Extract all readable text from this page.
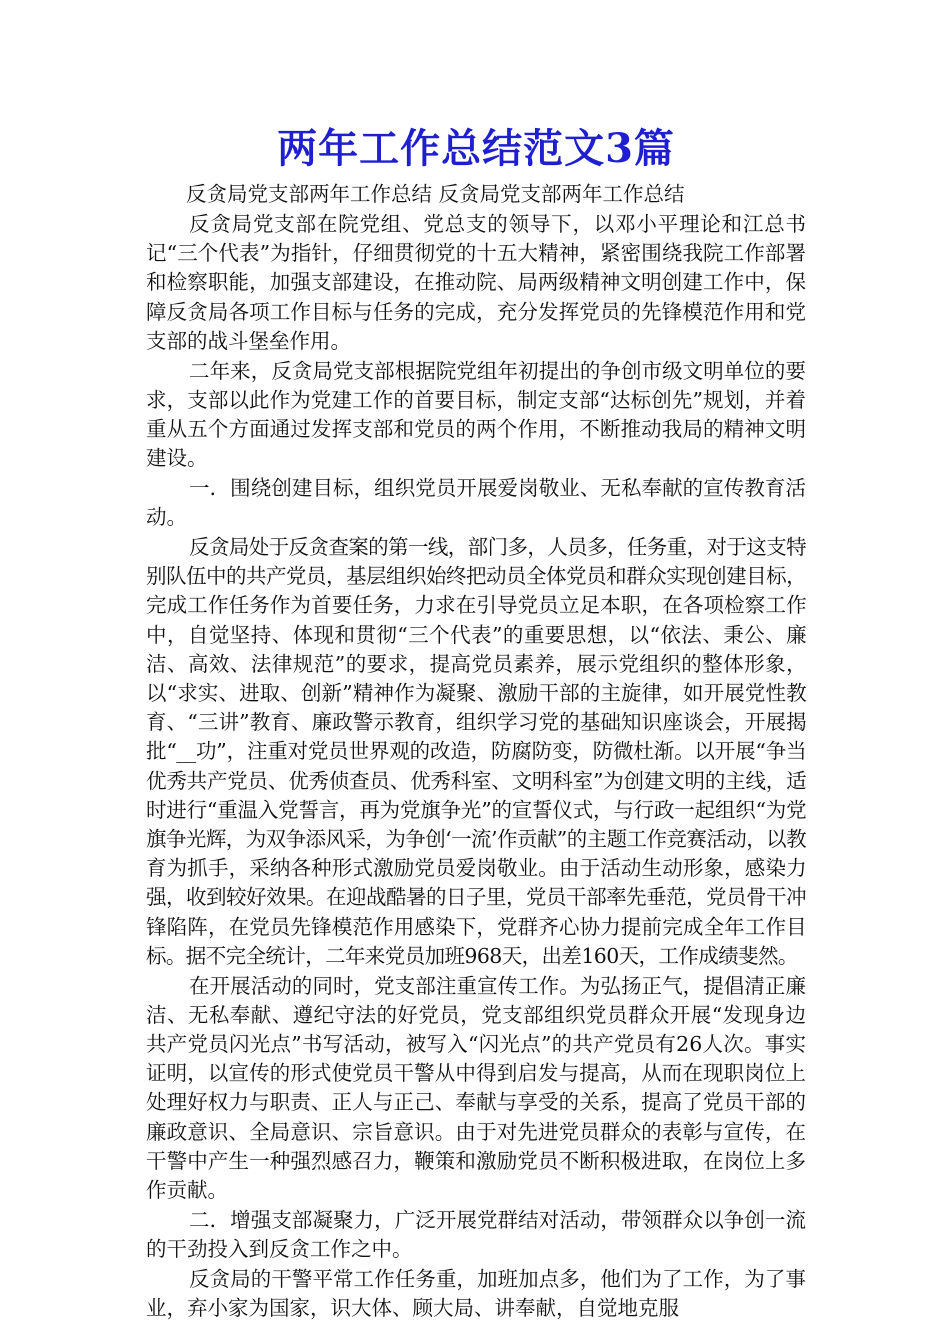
两年工作总结范文3篇
反贪局党支部两年工作总结 反贪局党支部两年工作总结

反贪局党支部在院党组、党总支的领导下，以邓小平理论和江总书记“三个代表”为指针，仔细贯彻党的十五大精神，紧密围绕我院工作部署和检察职能，加强支部建设，在推动院、局两级精神文明创建工作中，保障反贪局各项工作目标与任务的完成，充分发挥党员的先锋模范作用和党支部的战斗堡垒作用。

二年来，反贪局党支部根据院党组年初提出的争创市级文明单位的要求，支部以此作为党建工作的首要目标，制定支部“达标创先”规划，并着重从五个方面通过发挥支部和党员的两个作用，不断推动我局的精神文明建设。

一．围绕创建目标，组织党员开展爱岗敬业、无私奉献的宣传教育活动。

反贪局处于反贪查案的第一线，部门多，人员多，任务重，对于这支特别队伍中的共产党员，基层组织始终把动员全体党员和群众实现创建目标，完成工作任务作为首要任务，力求在引导党员立足本职，在各项检察工作中，自觉坚持、体现和贯彻“三个代表”的重要思想，以“依法、秉公、廉洁、高效、法律规范”的要求，提高党员素养，展示党组织的整体形象，以“求实、进取、创新”精神作为凝聚、激励干部的主旋律，如开展党性教育、“三讲”教育、廉政警示教育，组织学习党的基础知识座谈会，开展揭批“__功”，注重对党员世界观的改造，防腐防变，防微杜渐。以开展“争当优秀共产党员、优秀侦查员、优秀科室、文明科室”为创建文明的主线，适时进行“重温入党誓言，再为党旗争光”的宣誓仪式，与行政一起组织“为党旗争光辉，为双争添风采，为争创‘一流’作贡献”的主题工作竞赛活动，以教育为抓手，采纳各种形式激励党员爱岗敬业。由于活动生动形象，感染力强，收到较好效果。在迎战酷暑的日子里，党员干部率先垂范，党员骨干冲锋陷阵，在党员先锋模范作用感染下，党群齐心协力提前完成全年工作目标。据不完全统计，二年来党员加班968天，出差160天，工作成绩斐然。

在开展活动的同时，党支部注重宣传工作。为弘扬正气，提倡清正廉洁、无私奉献、遵纪守法的好党员，党支部组织党员群众开展“发现身边共产党员闪光点”书写活动，被写入“闪光点”的共产党员有26人次。事实证明，以宣传的形式使党员干警从中得到启发与提高，从而在现职岗位上处理好权力与职责、正人与正己、奉献与享受的关系，提高了党员干部的廉政意识、全局意识、宗旨意识。由于对先进党员群众的表彰与宣传，在干警中产生一种强烈感召力，鞭策和激励党员不断积极进取，在岗位上多作贡献。

二．增强支部凝聚力，广泛开展党群结对活动，带领群众以争创一流的干劲投入到反贪工作之中。

反贪局的干警平常工作任务重，加班加点多，他们为了工作，为了事业，弃小家为国家，识大体、顾大局、讲奉献，自觉地克服
